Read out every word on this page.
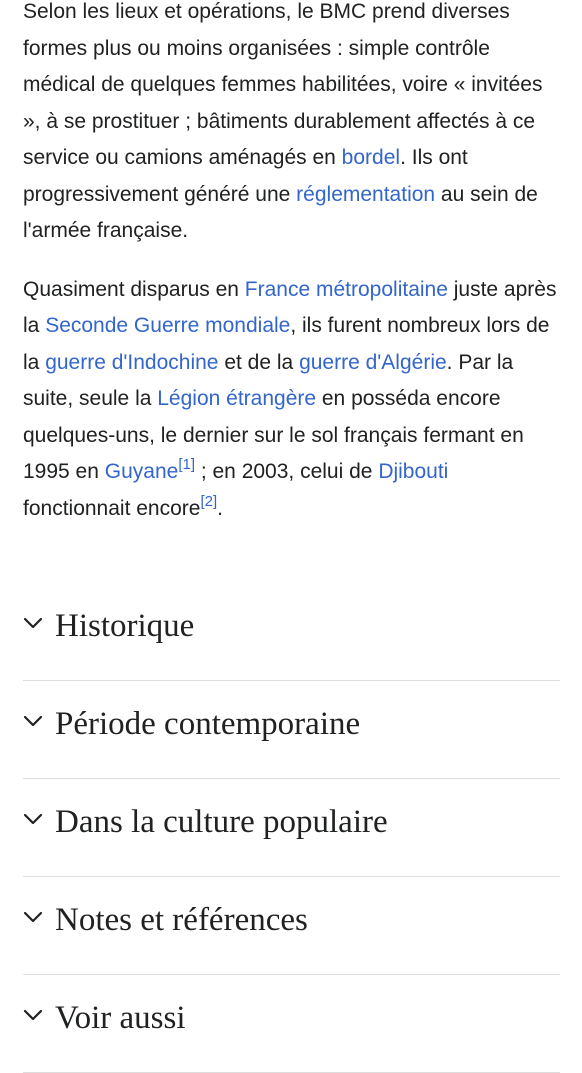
Selon les lieux et opérations, le BMC prend diverses formes plus ou moins organisées : simple contrôle médical de quelques femmes habilitées, voire « invitées », à se prostituer ; bâtiments durablement affectés à ce service ou camions aménagés en bordel. Ils ont progressivement généré une réglementation au sein de l'armée française.

Quasiment disparus en France métropolitaine juste après la Seconde Guerre mondiale, ils furent nombreux lors de la guerre d'Indochine et de la guerre d'Algérie. Par la suite, seule la Légion étrangère en posséda encore quelques-uns, le dernier sur le sol français fermant en 1995 en Guyane[1] ; en 2003, celui de Djibouti fonctionnait encore[2].

Historique
Période contemporaine
Dans la culture populaire
Notes et références
Voir aussi
